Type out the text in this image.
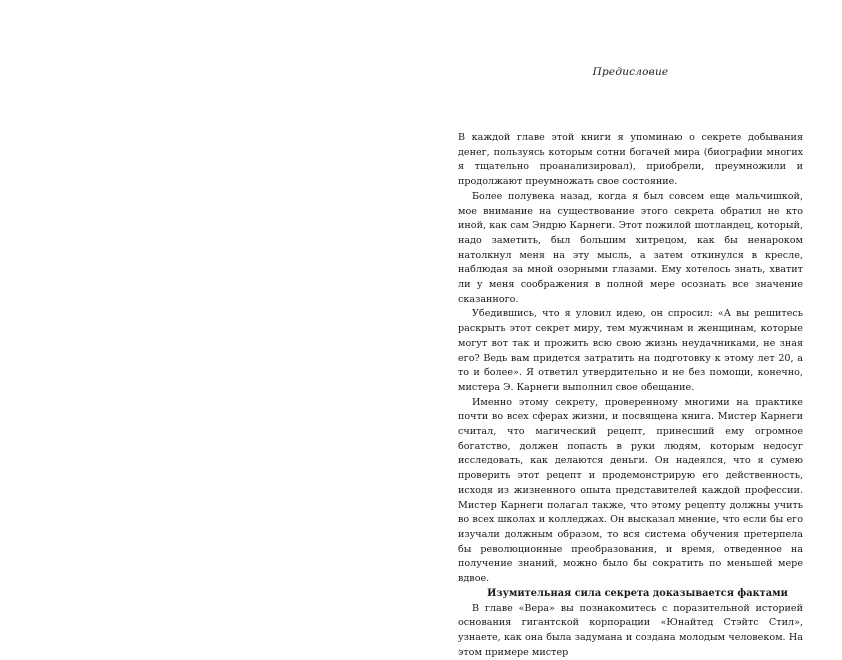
Предисловие

В каждой главе этой книги я упоминаю о секрете добывания денег, пользуясь которым сотни богачей мира (биографии многих я тщательно проанализировал), приобрели, преумножили и продолжают преумножать свое состояние.

Более полувека назад, когда я был совсем еще мальчишкой, мое внимание на существование этого секрета обратил не кто иной, как сам Эндрю Карнеги. Этот пожилой шотландец, который, надо заметить, был большим хитрецом, как бы ненароком натолкнул меня на эту мысль, а затем откинулся в кресле, наблюдая за мной озорными глазами. Ему хотелось знать, хватит ли у меня соображения в полной мере осознать все значение сказанного.

Убедившись, что я уловил идею, он спросил: «А вы решитесь раскрыть этот секрет миру, тем мужчинам и женщинам, которые могут вот так и прожить всю свою жизнь неудачниками, не зная его? Ведь вам придется затратить на подготовку к этому лет 20, а то и более». Я ответил утвердительно и не без помощи, конечно, мистера Э. Карнеги выполнил свое обещание.

Именно этому секрету, проверенному многими на практике почти во всех сферах жизни, и посвящена книга. Мистер Карнеги считал, что магический рецепт, принесший ему огромное богатство, должен попасть в руки людям, которым недосуг исследовать, как делаются деньги. Он надеялся, что я сумею проверить этот рецепт и продемонстрирую его действенность, исходя из жизненного опыта представителей каждой профессии. Мистер Карнеги полагал также, что этому рецепту должны учить во всех школах и колледжах. Он высказал мнение, что если бы его изучали должным образом, то вся система обучения претерпела бы революционные преобразования, и время, отведенное на получение знаний, можно было бы сократить по меньшей мере вдвое.

Изумительная сила секрета доказывается фактами

В главе «Вера» вы познакомитесь с поразительной историей основания гигантской корпорации «Юнайтед Стэйтс Стил», узнаете, как она была задумана и создана молодым человеком. На этом примере мистер
